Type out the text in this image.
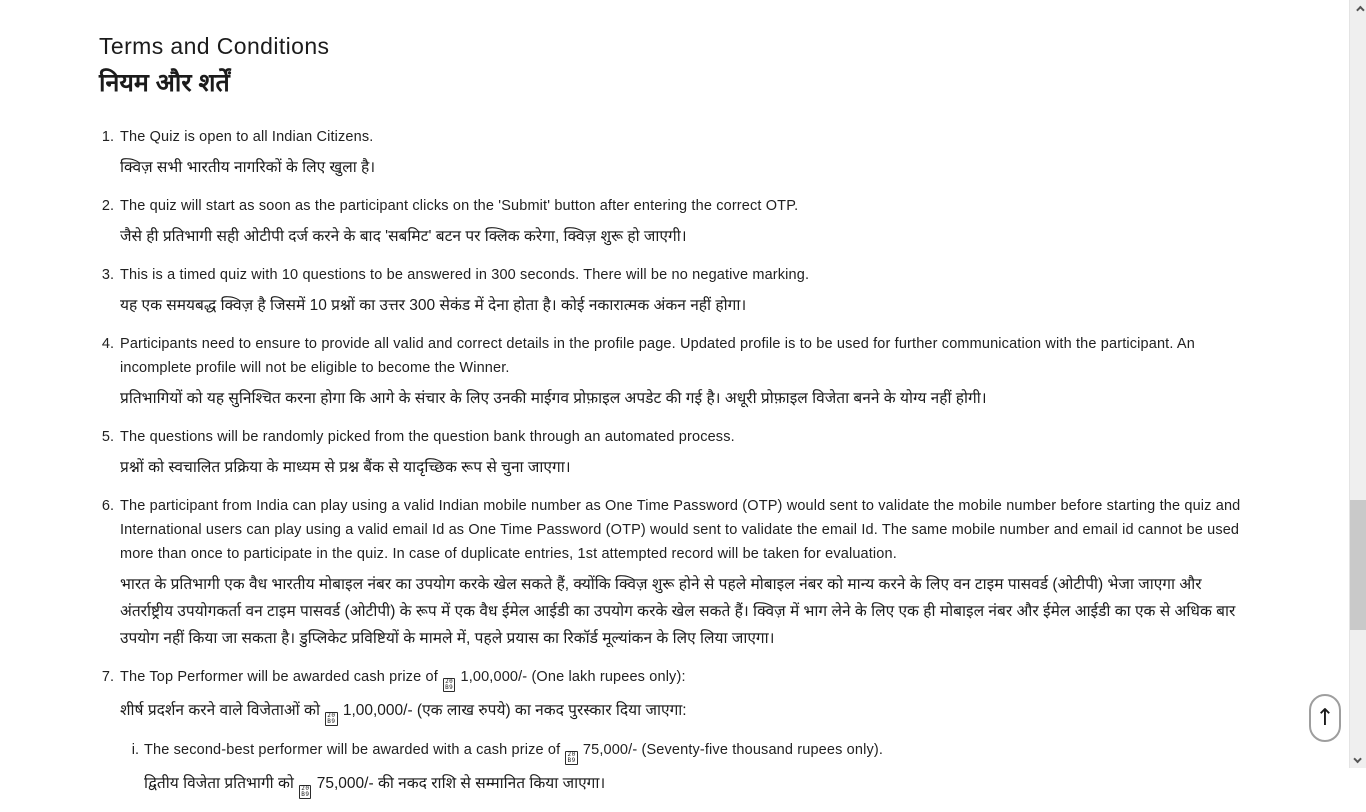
Terms and Conditions
नियम और शर्तें
1. The Quiz is open to all Indian Citizens.

क्विज़ सभी भारतीय नागरिकों के लिए खुला है।

2. The quiz will start as soon as the participant clicks on the 'Submit' button after entering the correct OTP.

जैसे ही प्रतिभागी सही ओटीपी दर्ज करने के बाद 'सबमिट' बटन पर क्लिक करेगा, क्विज़ शुरू हो जाएगी।

3. This is a timed quiz with 10 questions to be answered in 300 seconds. There will be no negative marking.

यह एक समयबद्ध क्विज़ है जिसमें 10 प्रश्नों का उत्तर 300 सेकंड में देना होता है। कोई नकारात्मक अंकन नहीं होगा।

4. Participants need to ensure to provide all valid and correct details in the profile page. Updated profile is to be used for further communication with the participant. An incomplete profile will not be eligible to become the Winner.

प्रतिभागियों को यह सुनिश्चित करना होगा कि आगे के संचार के लिए उनकी माईगव प्रोफ़ाइल अपडेट की गई है। अधूरी प्रोफ़ाइल विजेता बनने के योग्य नहीं होगी।

5. The questions will be randomly picked from the question bank through an automated process.

प्रश्नों को स्वचालित प्रक्रिया के माध्यम से प्रश्न बैंक से यादृच्छिक रूप से चुना जाएगा।

6. The participant from India can play using a valid Indian mobile number as One Time Password (OTP) would sent to validate the mobile number before starting the quiz and International users can play using a valid email Id as One Time Password (OTP) would sent to validate the email Id. The same mobile number and email id cannot be used more than once to participate in the quiz. In case of duplicate entries, 1st attempted record will be taken for evaluation.

भारत के प्रतिभागी एक वैध भारतीय मोबाइल नंबर का उपयोग करके खेल सकते हैं, क्योंकि क्विज़ शुरू होने से पहले मोबाइल नंबर को मान्य करने के लिए वन टाइम पासवर्ड (ओटीपी) भेजा जाएगा और अंतर्राष्ट्रीय उपयोगकर्ता वन टाइम पासवर्ड (ओटीपी) के रूप में एक वैध ईमेल आईडी का उपयोग करके खेल सकते हैं। क्विज़ में भाग लेने के लिए एक ही मोबाइल नंबर और ईमेल आईडी का एक से अधिक बार उपयोग नहीं किया जा सकता है। डुप्लिकेट प्रविष्टियों के मामले में, पहले प्रयास का रिकॉर्ड मूल्यांकन के लिए लिया जाएगा।

7. The Top Performer will be awarded cash prize of 20
B9
1,00,000/- (One lakh rupees only):

शीर्ष प्रदर्शन करने वाले विजेताओं को 20
B9
1,00,000/- (एक लाख रुपये) का नकद पुरस्कार दिया जाएगा:

i. The second-best performer will be awarded with a cash prize of 20
B9
75,000/- (Seventy-five thousand rupees only).

द्वितीय विजेता प्रतिभागी को 20
B9
75,000/- की नकद राशि से सम्मानित किया जाएगा।

↑
